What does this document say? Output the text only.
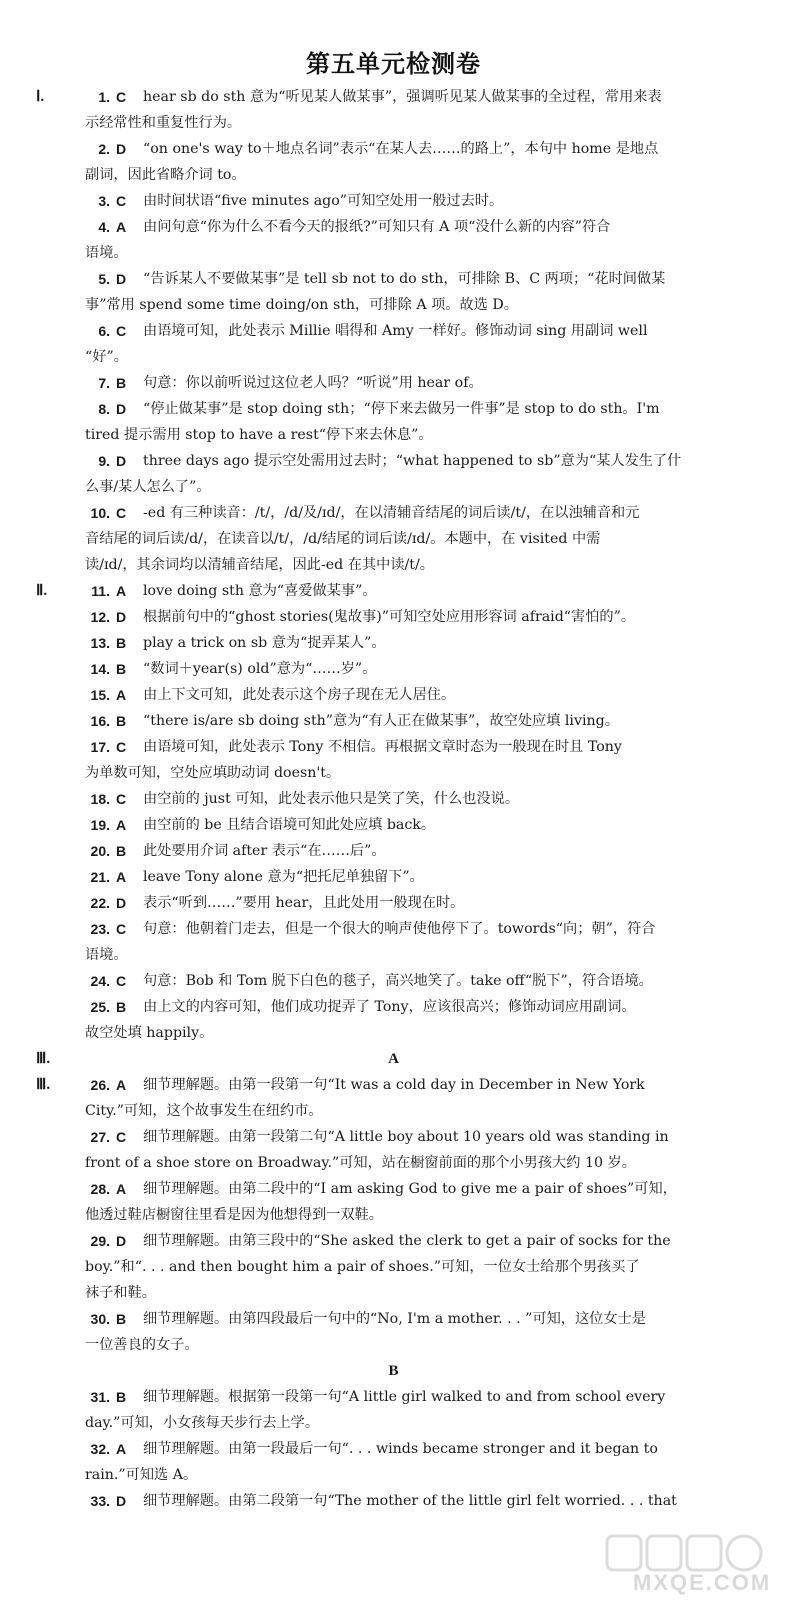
第五单元检测卷
Ⅰ.	1. C hear sb do sth 意为“听见某人做某事”，强调听见某人做某事的全过程，常用来表
示经常性和重复性行为。
2. D “on one's way to＋地点名词”表示“在某人去……的路上”，本句中 home 是地点
副词，因此省略介词 to。
3. C 由时间状语“five minutes ago”可知空处用一般过去时。
4. A 由问句意“你为什么不看今天的报纸?”可知只有 A 项“没什么新的内容”符合
语境。
5. D “告诉某人不要做某事”是 tell sb not to do sth，可排除 B、C 两项；“花时间做某
事”常用 spend some time doing/on sth，可排除 A 项。故选 D。
6. C 由语境可知，此处表示 Millie 唱得和 Amy 一样好。修饰动词 sing 用副词 well
“好”。
7. B 句意：你以前听说过这位老人吗？“听说”用 hear of。
8. D “停止做某事”是 stop doing sth；“停下来去做另一件事”是 stop to do sth。I'm
tired 提示需用 stop to have a rest“停下来去休息”。
9. D three days ago 提示空处需用过去时；“what happened to sb”意为“某人发生了什
么事/某人怎么了”。
10. C -ed 有三种读音：/t/，/d/及/ɪd/，在以清辅音结尾的词后读/t/，在以浊辅音和元
音结尾的词后读/d/，在读音以/t/，/d/结尾的词后读/ɪd/。本题中，在 visited 中需
读/ɪd/，其余词均以清辅音结尾，因此-ed 在其中读/t/。
Ⅱ.	11. A love doing sth 意为“喜爱做某事”。
12. D 根据前句中的“ghost stories(鬼故事)”可知空处应用形容词 afraid“害怕的”。
13. B play a trick on sb 意为“捉弄某人”。
14. B “数词＋year(s) old”意为“……岁”。
15. A 由上下文可知，此处表示这个房子现在无人居住。
16. B “there is/are sb doing sth”意为“有人正在做某事”，故空处应填 living。
17. C 由语境可知，此处表示 Tony 不相信。再根据文章时态为一般现在时且 Tony
为单数可知，空处应填助动词 doesn't。
18. C 由空前的 just 可知，此处表示他只是笑了笑，什么也没说。
19. A 由空前的 be 且结合语境可知此处应填 back。
20. B 此处要用介词 after 表示“在……后”。
21. A leave Tony alone 意为“把托尼单独留下”。
22. D 表示“听到……”要用 hear，且此处用一般现在时。
23. C 句意：他朝着门走去，但是一个很大的响声使他停下了。towords“向；朝”，符合
语境。
24. C 句意：Bob 和 Tom 脱下白色的毯子，高兴地笑了。take off“脱下”，符合语境。
25. B 由上文的内容可知，他们成功捉弄了 Tony，应该很高兴；修饰动词应用副词。
故空处填 happily。
Ⅲ.	26. A 细节理解题。由第一段第一句“It was a cold day in December in New York
City.”可知，这个故事发生在纽约市。
27. C 细节理解题。由第一段第二句“A little boy about 10 years old was standing in
front of a shoe store on Broadway.”可知，站在橱窗前面的那个小男孩大约 10 岁。
28. A 细节理解题。由第二段中的“I am asking God to give me a pair of shoes”可知，
他透过鞋店橱窗往里看是因为他想得到一双鞋。
29. D 细节理解题。由第三段中的“She asked the clerk to get a pair of socks for the
boy.”和“. . . and then bought him a pair of shoes.”可知，一位女士给那个男孩买了
袜子和鞋。
30. B 细节理解题。由第四段最后一句中的“No, I'm a mother. . . ”可知，这位女士是
一位善良的女子。
31. B 细节理解题。根据第一段第一句“A little girl walked to and from school every
day.”可知，小女孩每天步行去上学。
32. A 细节理解题。由第一段最后一句“. . . winds became stronger and it began to
rain.”可知选 A。
33. D 细节理解题。由第二段第一句“The mother of the little girl felt worried. . . that
A
Ⅲ.
B
MXQE.COM
